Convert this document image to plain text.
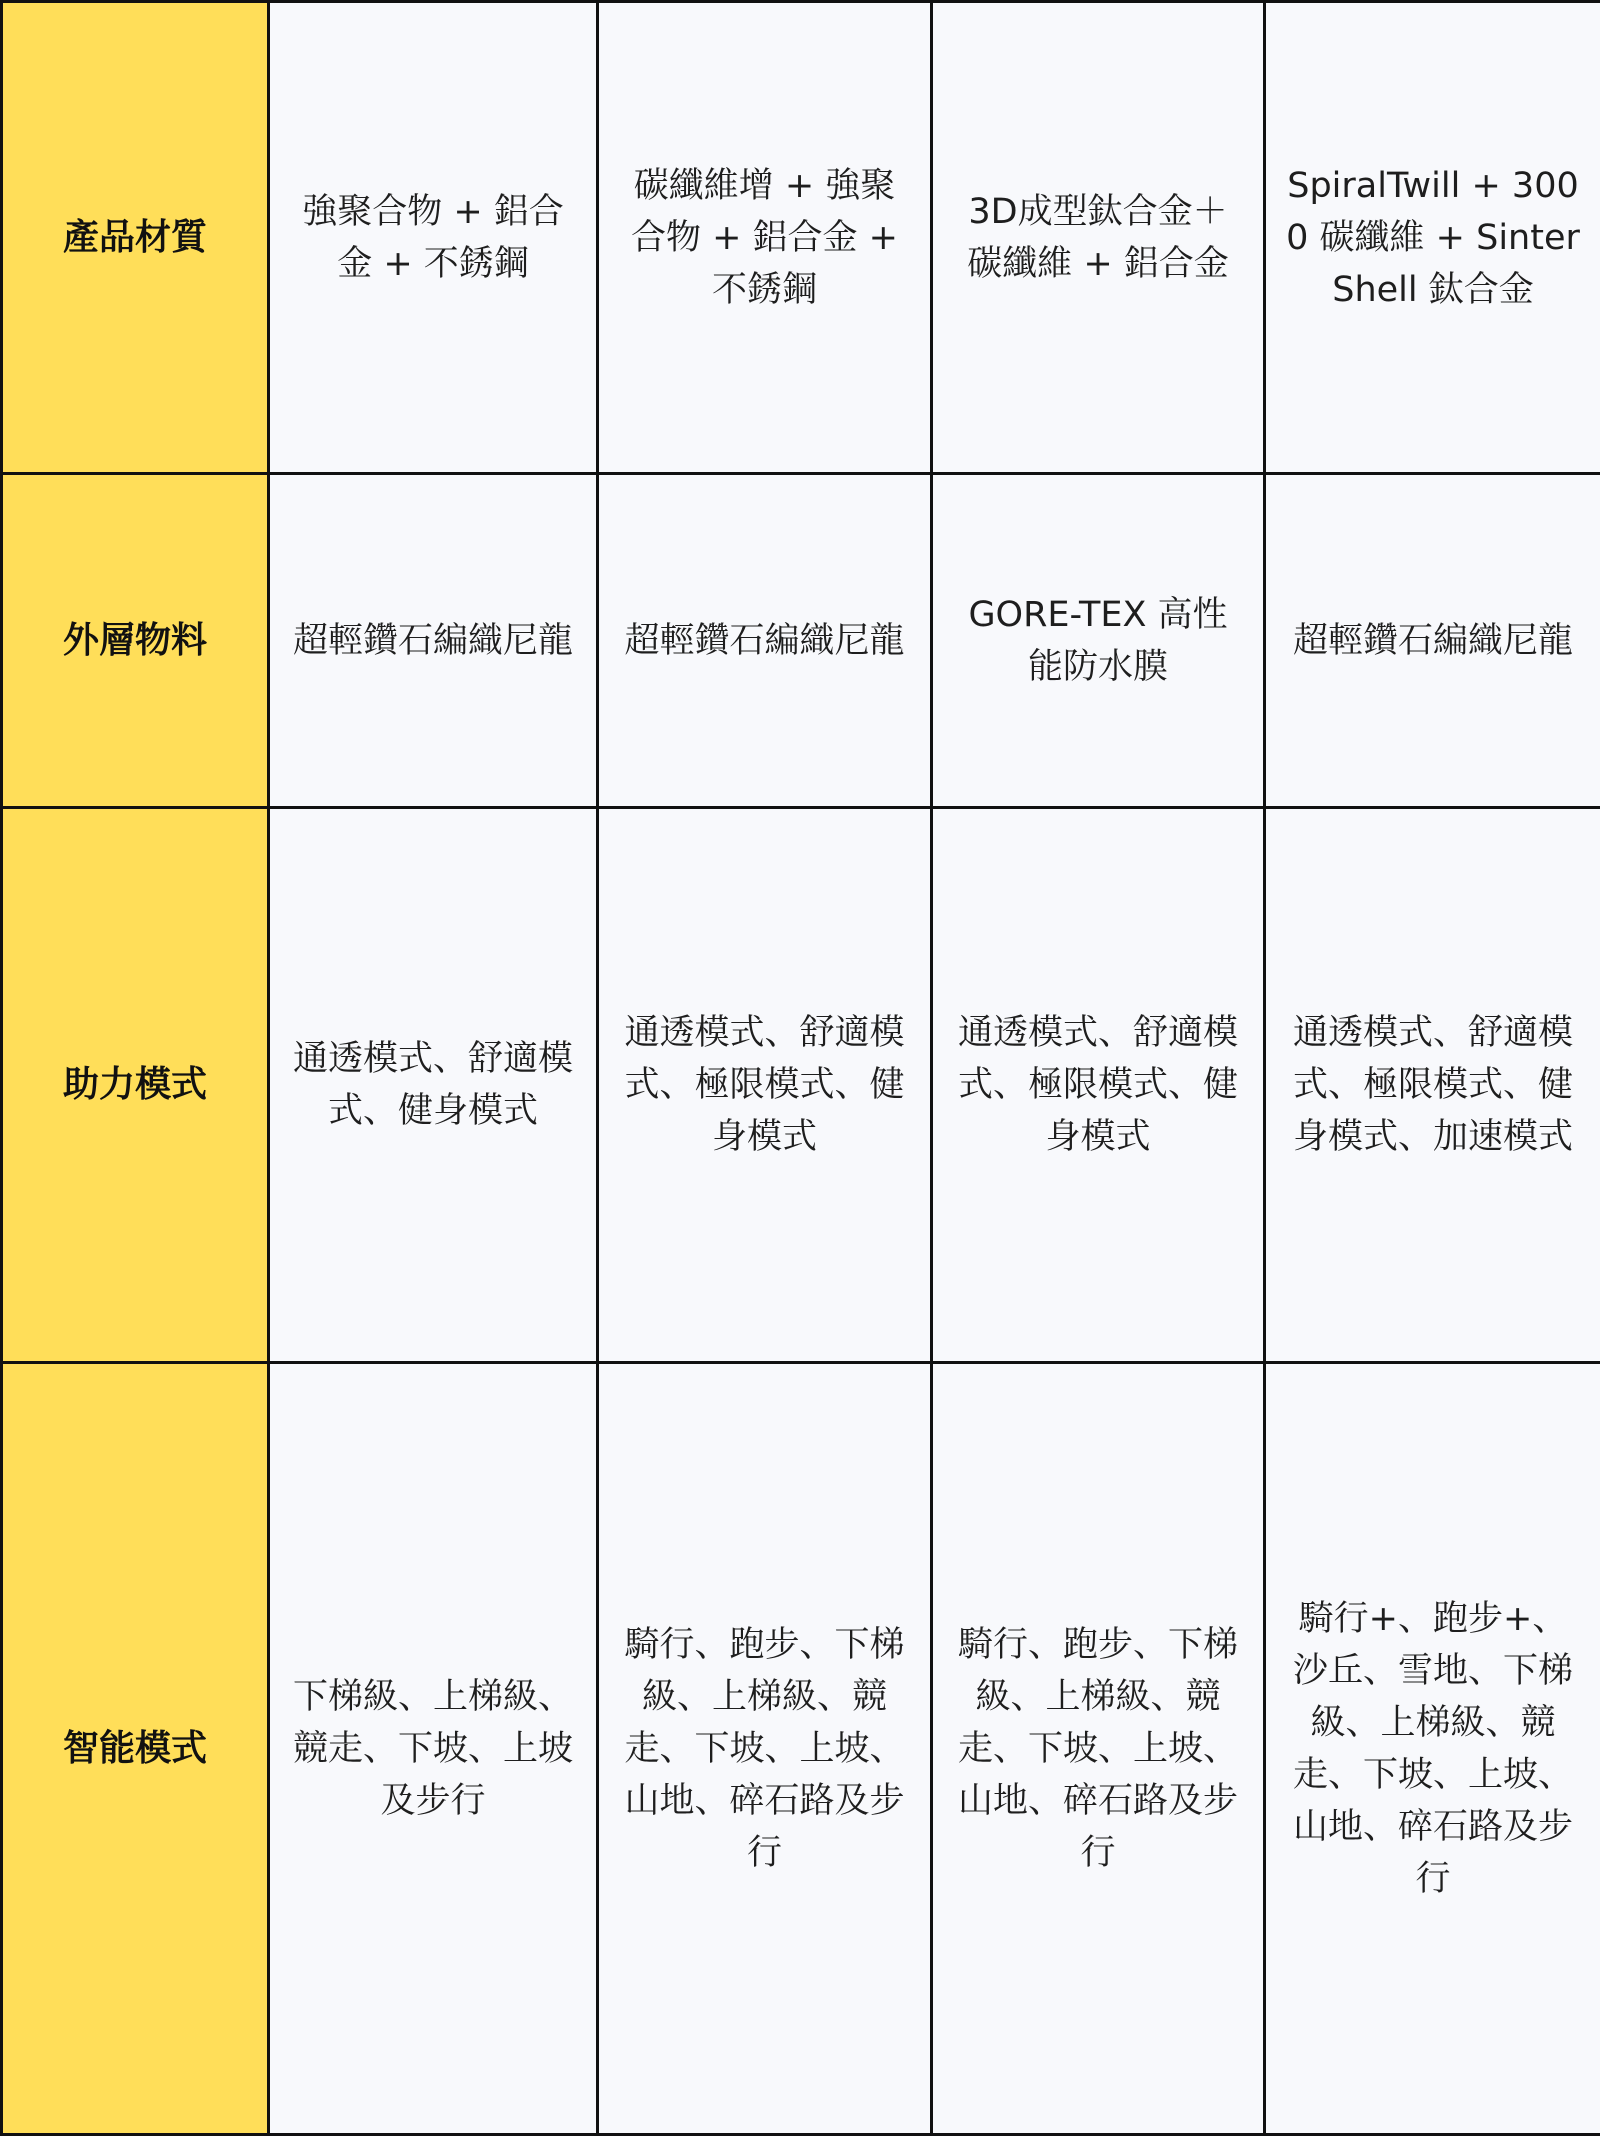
產品材質	強聚合物 + 鋁合金 + 不銹鋼	碳纖維增 + 強聚合物 + 鋁合金 + 不銹鋼	3D成型鈦合金＋碳纖維 + 鋁合金	SpiralTwill + 3000 碳纖維 + SinterShell 鈦合金
外層物料	超輕鑽石編織尼龍	超輕鑽石編織尼龍	GORE-TEX 高性能防水膜	超輕鑽石編織尼龍
助力模式	通透模式、舒適模式、健身模式	通透模式、舒適模式、極限模式、健身模式	通透模式、舒適模式、極限模式、健身模式	通透模式、舒適模式、極限模式、健身模式、加速模式
智能模式	下梯級、上梯級、競走、下坡、上坡及步行	騎行、跑步、下梯級、上梯級、競走、下坡、上坡、山地、碎石路及步行	騎行、跑步、下梯級、上梯級、競走、下坡、上坡、山地、碎石路及步行	騎行+、跑步+、沙丘、雪地、下梯級、上梯級、競走、下坡、上坡、山地、碎石路及步行
